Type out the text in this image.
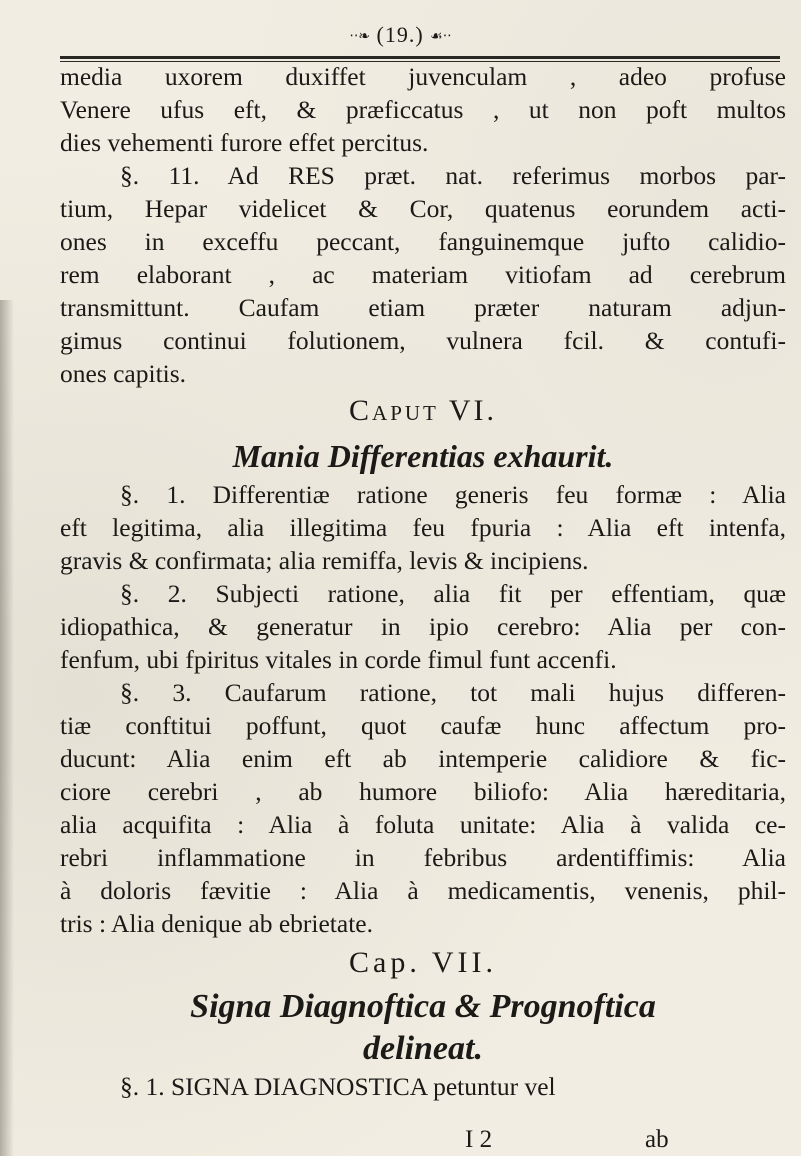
‧‧❧ (19.) ☙‧‧
media uxorem duxiffet juvenculam , adeo profuse
Venere ufus eft, & præficcatus , ut non poft multos
dies vehementi furore effet percitus.
§. 11. Ad RES præt. nat. referimus morbos par-
tium, Hepar videlicet & Cor, quatenus eorundem acti-
ones in exceffu peccant, fanguinemque jufto calidio-
rem elaborant , ac materiam vitiofam ad cerebrum
transmittunt. Caufam etiam præter naturam adjun-
gimus continui folutionem, vulnera fcil. & contufi-
ones capitis.
Caput VI.
Mania Differentias exhaurit.
§. 1. Differentiæ ratione generis feu formæ : Alia
eft legitima, alia illegitima feu fpuria : Alia eft intenfa,
gravis & confirmata; alia remiffa, levis & incipiens.
§. 2. Subjecti ratione, alia fit per effentiam, quæ
idiopathica, & generatur in ipio cerebro: Alia per con-
fenfum, ubi fpiritus vitales in corde fimul funt accenfi.
§. 3. Caufarum ratione, tot mali hujus differen-
tiæ conftitui poffunt, quot caufæ hunc affectum pro-
ducunt: Alia enim eft ab intemperie calidiore & fic-
ciore cerebri , ab humore biliofo: Alia hæreditaria,
alia acquifita : Alia à foluta unitate: Alia à valida ce-
rebri inflammatione in febribus ardentiffimis: Alia
à doloris fævitie : Alia à medicamentis, venenis, phil-
tris : Alia denique ab ebrietate.
Cap. VII.
Signa Diagnoftica & Prognoftica
delineat.
§. 1. SIGNA DIAGNOSTICA petuntur vel
I 2	ab
